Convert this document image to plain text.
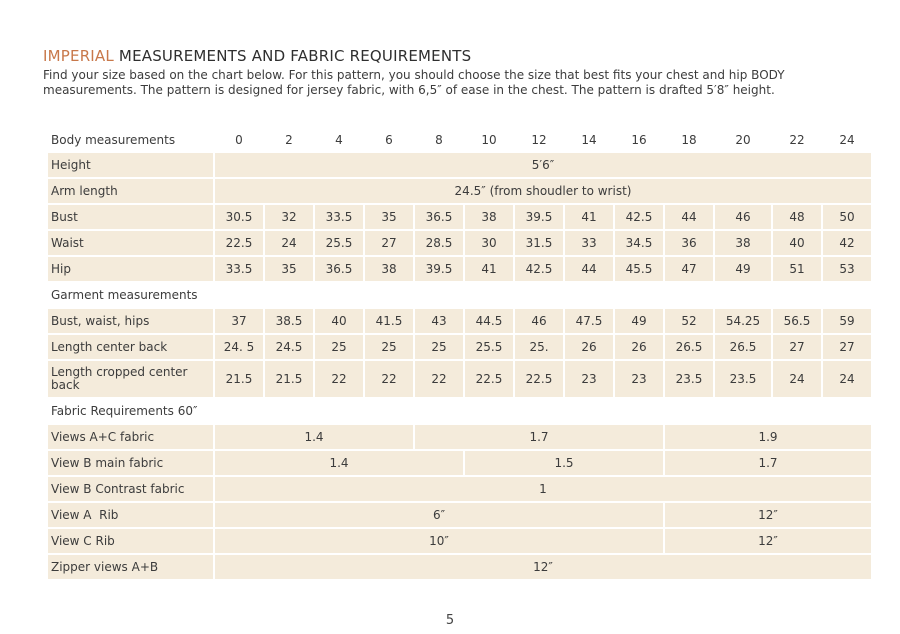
IMPERIAL MEASUREMENTS AND FABRIC REQUIREMENTS
Find your size based on the chart below. For this pattern, you should choose the size that best fits your chest and hip BODY measurements. The pattern is designed for jersey fabric, with 6,5″ of ease in the chest. The pattern is drafted 5′8″ height.
Body measurements	0	2	4	6	8	10	12	14	16	18	20	22	24
Height	5′6″												
Arm length	24.5″ (from shoudler to wrist)												
Bust	30.5	32	33.5	35	36.5	38	39.5	41	42.5	44	46	48	50
Waist	22.5	24	25.5	27	28.5	30	31.5	33	34.5	36	38	40	42
Hip	33.5	35	36.5	38	39.5	41	42.5	44	45.5	47	49	51	53
Garment measurements													
Bust, waist, hips	37	38.5	40	41.5	43	44.5	46	47.5	49	52	54.25	56.5	59
Length center back	24. 5	24.5	25	25	25	25.5	25.	26	26	26.5	26.5	27	27
Length cropped center back	21.5	21.5	22	22	22	22.5	22.5	23	23	23.5	23.5	24	24
Fabric Requirements 60″													
Views A+C fabric	1.4				1.7					1.9			
View B main fabric	1.4					1.5				1.7			
View B Contrast fabric	1												
View A  Rib	6″									12″			
View C Rib	10″									12″			
Zipper views A+B	12″												
5
